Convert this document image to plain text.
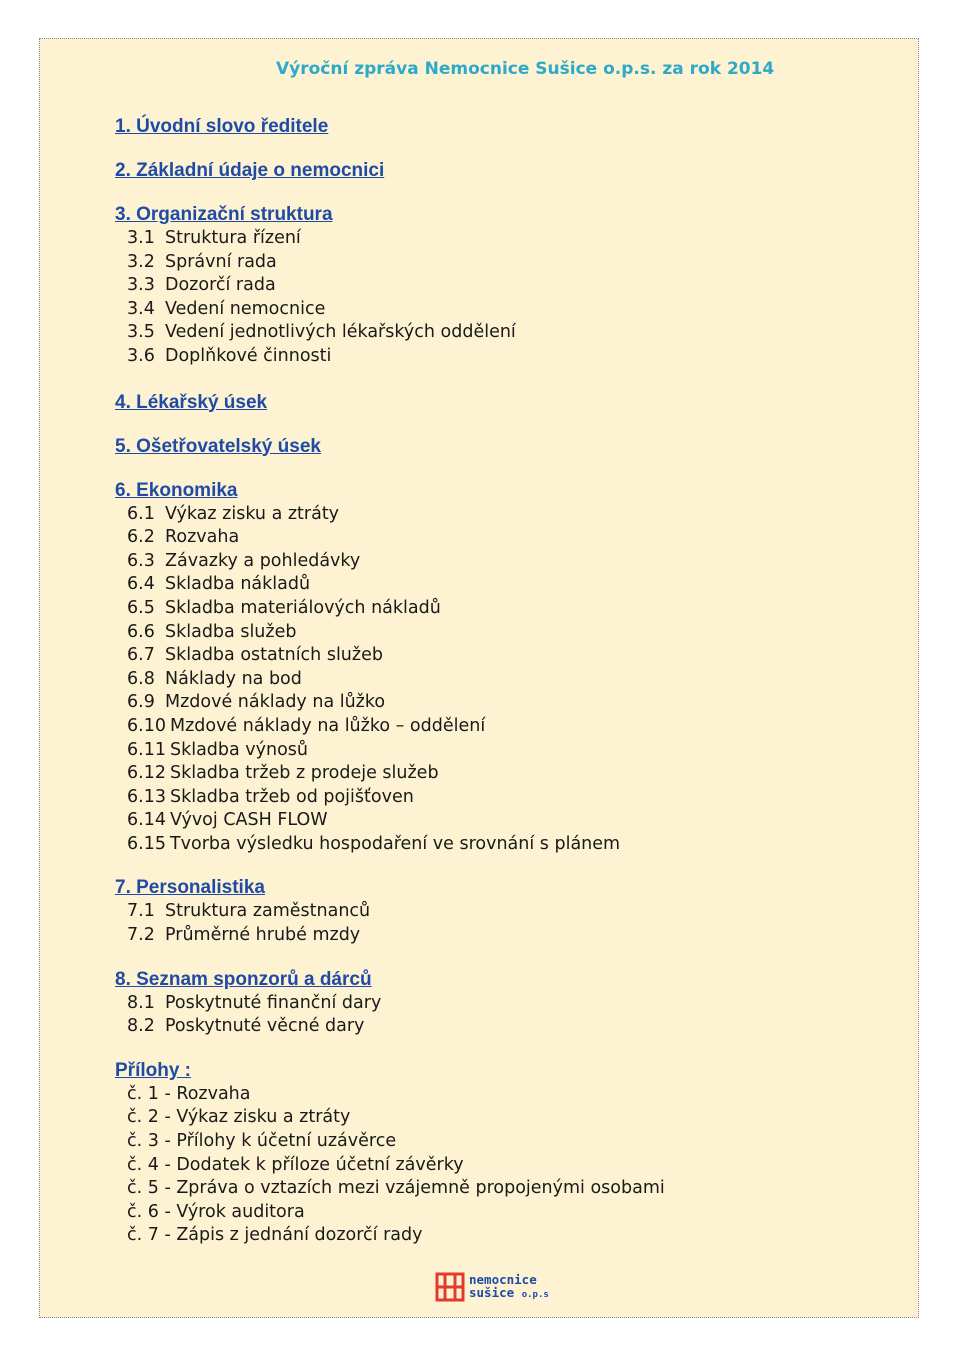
Výroční zpráva Nemocnice Sušice o.p.s. za rok 2014
1. Úvodní slovo ředitele
2. Základní údaje o nemocnici
3. Organizační struktura
3.1 Struktura řízení
3.2 Správní rada
3.3 Dozorčí rada
3.4 Vedení nemocnice
3.5 Vedení jednotlivých lékařských oddělení
3.6 Doplňkové činnosti
4. Lékařský úsek
5. Ošetřovatelský úsek
6. Ekonomika
6.1 Výkaz zisku a ztráty
6.2 Rozvaha
6.3 Závazky a pohledávky
6.4 Skladba nákladů
6.5 Skladba materiálových nákladů
6.6 Skladba služeb
6.7 Skladba ostatních služeb
6.8 Náklady na bod
6.9 Mzdové náklady na lůžko
6.10 Mzdové náklady na lůžko – oddělení
6.11 Skladba výnosů
6.12 Skladba tržeb z prodeje služeb
6.13 Skladba tržeb od pojišťoven
6.14 Vývoj CASH FLOW
6.15 Tvorba výsledku hospodaření ve srovnání s plánem
7. Personalistika
7.1 Struktura zaměstnanců
7.2 Průměrné hrubé mzdy
8. Seznam sponzorů a dárců
8.1 Poskytnuté finanční dary
8.2 Poskytnuté věcné dary
Přílohy :
č. 1 - Rozvaha
č. 2 - Výkaz zisku a ztráty
č. 3 - Přílohy k účetní uzávěrce
č. 4 - Dodatek k příloze účetní závěrky
č. 5 - Zpráva o vztazích mezi vzájemně propojenými osobami
č. 6 - Výrok auditora
č. 7 - Zápis z jednání dozorčí rady
nemocnice
sušice o.p.s
